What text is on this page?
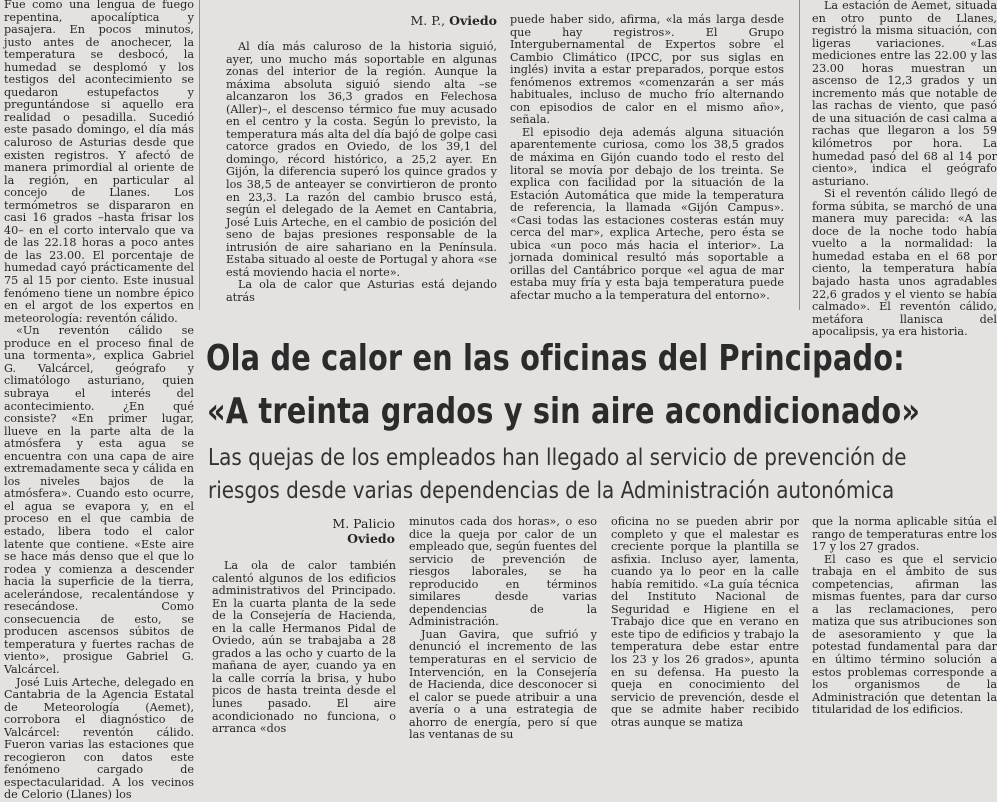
Fue como una lengua de fuego repentina, apocalíptica y pasajera. En pocos minutos, justo antes de anochecer, la temperatura se desbocó, la humedad se desplomó y los testigos del acontecimiento se quedaron estupefactos y preguntándose si aquello era realidad o pesadilla. Sucedió este pasado domingo, el día más caluroso de Asturias desde que existen registros. Y afectó de manera primordial al oriente de la región, en particular al concejo de Llanes. Los termómetros se dispararon en casi 16 grados –hasta frisar los 40– en el corto intervalo que va de las 22.18 horas a poco antes de las 23.00. El porcentaje de humedad cayó prácticamente del 75 al 15 por ciento. Este inusual fenómeno tiene un nombre épico en el argot de los expertos en meteorología: reventón cálido.

«Un reventón cálido se produce en el proceso final de una tormenta», explica Gabriel G. Valcárcel, geógrafo y climatólogo asturiano, quien subraya el interés del acontecimiento. ¿En qué consiste? «En primer lugar, llueve en la parte alta de la atmósfera y esta agua se encuentra con una capa de aire extremadamente seca y cálida en los niveles bajos de la atmósfera». Cuando esto ocurre, el agua se evapora y, en el proceso en el que cambia de estado, libera todo el calor latente que contiene. «Este aire se hace más denso que el que lo rodea y comienza a descender hacia la superficie de la tierra, acelerándose, recalentándose y resecándose. Como consecuencia de esto, se producen ascensos súbitos de temperatura y fuertes rachas de viento», prosigue Gabriel G. Valcárcel.

José Luis Arteche, delegado en Cantabria de la Agencia Estatal de Meteorología (Aemet), corrobora el diagnóstico de Valcárcel: reventón cálido. Fueron varias las estaciones que recogieron con datos este fenómeno cargado de espectacularidad. A los vecinos de Celorio (Llanes) los

M. P., Oviedo

Al día más caluroso de la historia siguió, ayer, uno mucho más soportable en algunas zonas del interior de la región. Aunque la máxima absoluta siguió siendo alta –se alcanzaron los 36,3 grados en Felechosa (Aller)–, el descenso térmico fue muy acusado en el centro y la costa. Según lo previsto, la temperatura más alta del día bajó de golpe casi catorce grados en Oviedo, de los 39,1 del domingo, récord histórico, a 25,2 ayer. En Gijón, la diferencia superó los quince grados y los 38,5 de anteayer se convirtieron de pronto en 23,3. La razón del cambio brusco está, según el delegado de la Aemet en Cantabria, José Luis Arteche, en el cambio de posición del seno de bajas presiones responsable de la intrusión de aire sahariano en la Península. Estaba situado al oeste de Portugal y ahora «se está moviendo hacia el norte».

La ola de calor que Asturias está dejando atrás

puede haber sido, afirma, «la más larga desde que hay registros». El Grupo Intergubernamental de Expertos sobre el Cambio Climático (IPCC, por sus siglas en inglés) invita a estar preparados, porque estos fenómenos extremos «comenzarán a ser más habituales, incluso de mucho frío alternando con episodios de calor en el mismo año», señala.

El episodio deja además alguna situación aparentemente curiosa, como los 38,5 grados de máxima en Gijón cuando todo el resto del litoral se movía por debajo de los treinta. Se explica con facilidad por la situación de la Estación Automática que mide la temperatura de referencia, la llamada «Gijón Campus». «Casi todas las estaciones costeras están muy cerca del mar», explica Arteche, pero ésta se ubica «un poco más hacia el interior». La jornada dominical resultó más soportable a orillas del Cantábrico porque «el agua de mar estaba muy fría y esta baja temperatura puede afectar mucho a la temperatura del entorno».

La estación de Aemet, situada en otro punto de Llanes, registró la misma situación, con ligeras variaciones. «Las mediciones entre las 22.00 y las 23.00 horas muestran un ascenso de 12,3 grados y un incremento más que notable de las rachas de viento, que pasó de una situación de casi calma a rachas que llegaron a los 59 kilómetros por hora. La humedad pasó del 68 al 14 por ciento», indica el geógrafo asturiano.

Si el reventón cálido llegó de forma súbita, se marchó de una manera muy parecida: «A las doce de la noche todo había vuelto a la normalidad: la humedad estaba en el 68 por ciento, la temperatura había bajado hasta unos agradables 22,6 grados y el viento se había calmado». El reventón cálido, metáfora llanisca del apocalipsis, ya era historia.

Ola de calor en las oficinas del Principado:
«A treinta grados y sin aire acondicionado»
Las quejas de los empleados han llegado al servicio de prevención de
riesgos desde varias dependencias de la Administración autonómica
M. Palicio
Oviedo

La ola de calor también calentó algunos de los edificios administrativos del Principado. En la cuarta planta de la sede de la Consejería de Hacienda, en la calle Hermanos Pidal de Oviedo, aún se trabajaba a 28 grados a las ocho y cuarto de la mañana de ayer, cuando ya en la calle corría la brisa, y hubo picos de hasta treinta desde el lunes pasado. El aire acondicionado no funciona, o arranca «dos

minutos cada dos horas», o eso dice la queja por calor de un empleado que, según fuentes del servicio de prevención de riesgos laborales, se ha reproducido en términos similares desde varias dependencias de la Administración.

Juan Gavira, que sufrió y denunció el incremento de las temperaturas en el servicio de Intervención, en la Consejería de Hacienda, dice desconocer si el calor se puede atribuir a una avería o a una estrategia de ahorro de energía, pero sí que las ventanas de su

oficina no se pueden abrir por completo y que el malestar es creciente porque la plantilla se asfixia. Incluso ayer, lamenta, cuando ya lo peor en la calle había remitido. «La guía técnica del Instituto Nacional de Seguridad e Higiene en el Trabajo dice que en verano en este tipo de edificios y trabajo la temperatura debe estar entre los 23 y los 26 grados», apunta en su defensa. Ha puesto la queja en conocimiento del servicio de prevención, desde el que se admite haber recibido otras aunque se matiza

que la norma aplicable sitúa el rango de temperaturas entre los 17 y los 27 grados.

El caso es que el servicio trabaja en el ámbito de sus competencias, afirman las mismas fuentes, para dar curso a las reclamaciones, pero matiza que sus atribuciones son de asesoramiento y que la potestad fundamental para dar en último término solución a estos problemas corresponde a los organismos de la Administración que detentan la titularidad de los edificios.
